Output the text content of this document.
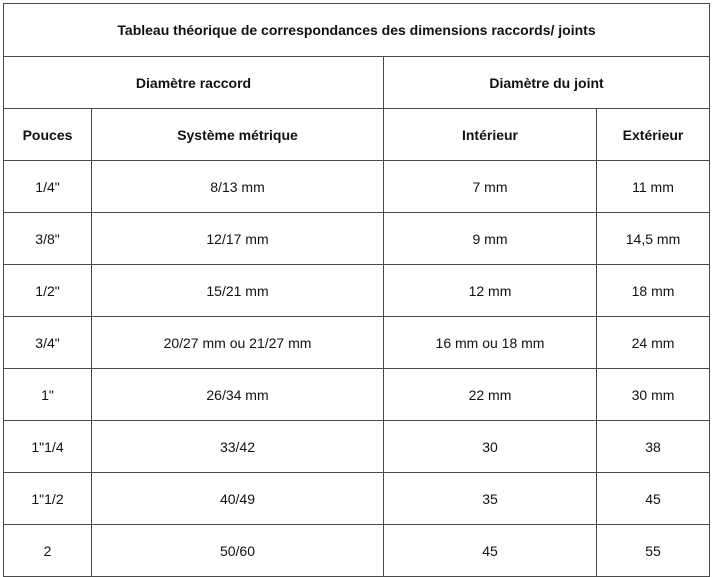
Tableau théorique de correspondances des dimensions raccords/ joints			
Diamètre raccord		Diamètre du joint	
Pouces	Système métrique	Intérieur	Extérieur
1/4"	8/13 mm	7 mm	11 mm
3/8"	12/17 mm	9 mm	14,5 mm
1/2"	15/21 mm	12 mm	18 mm
3/4"	20/27 mm ou 21/27 mm	16 mm ou 18 mm	24 mm
1"	26/34 mm	22 mm	30 mm
1"1/4	33/42	30	38
1"1/2	40/49	35	45
2	50/60	45	55
